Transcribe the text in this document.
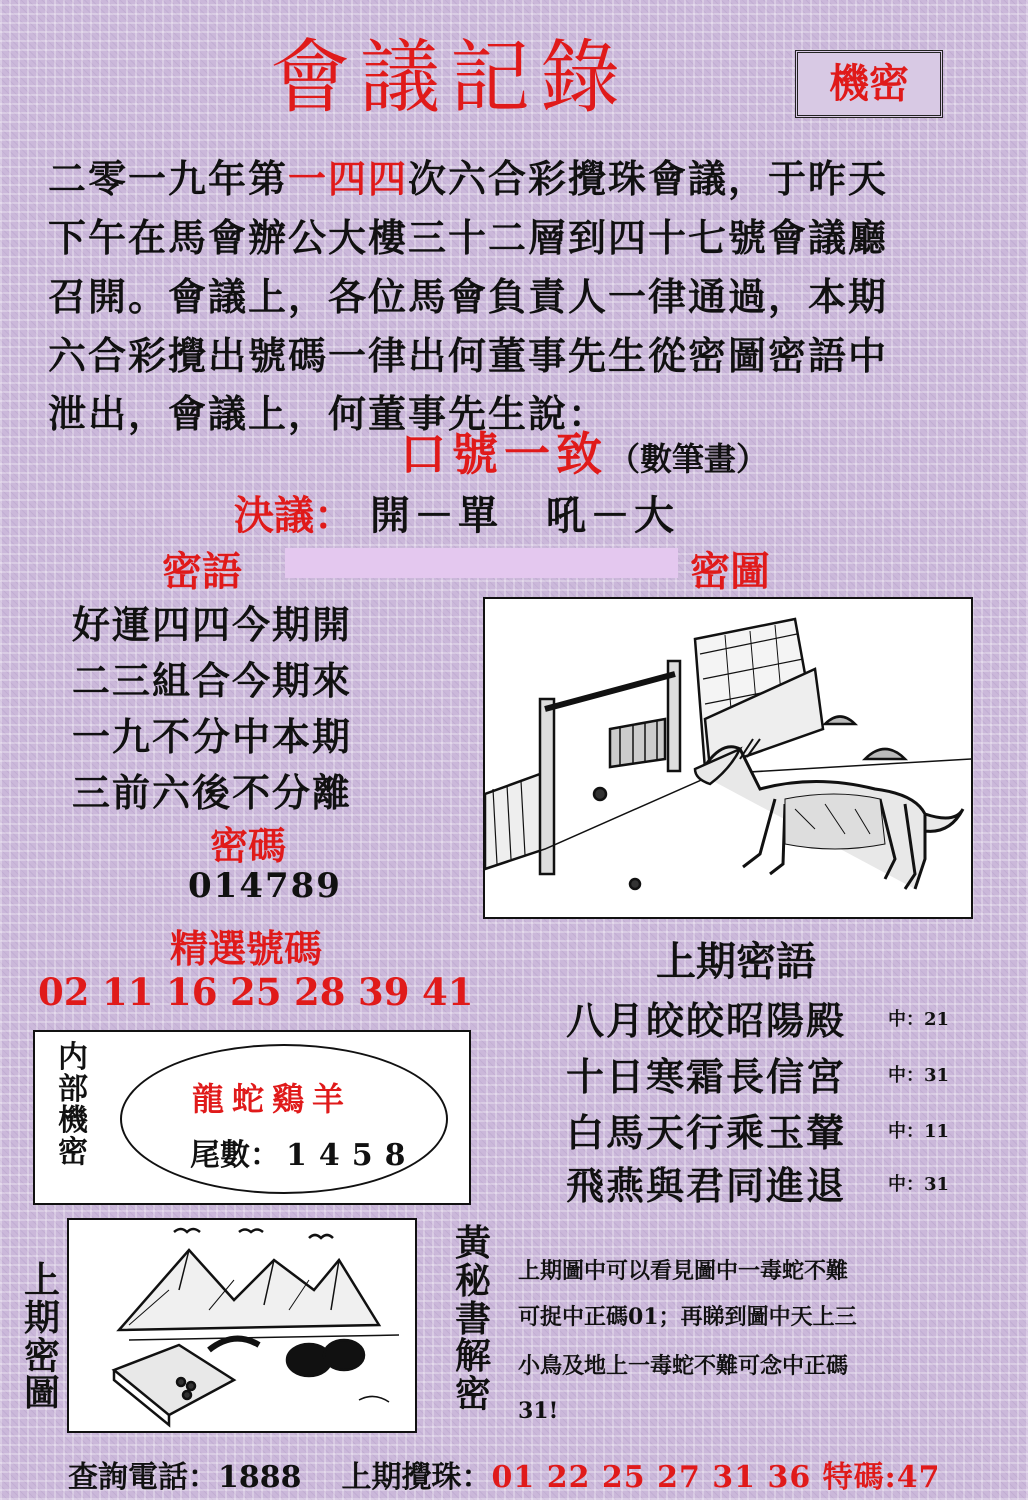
會議記錄	機密
二零一九年第一四四次六合彩攪珠會議，于昨天
下午在馬會辦公大樓三十二層到四十七號會議廳
召開。會議上，各位馬會負責人一律通過，本期
六合彩攪出號碼一律出何董事先生從密圖密語中
泄出，會議上，何董事先生說：
口號一致（數筆畫）
決議： 開－單　吼－大
密語	密圖
好運四四今期開
二三組合今期來
一九不分中本期
三前六後不分離
密碼
014789
精選號碼
02 11 16 25 28 39 41
上期密語
八月皎皎昭陽殿	中：21
十日寒霜長信宮	中：31
白馬天行乘玉輦	中：11
飛燕與君同進退	中：31
内部機密
龍蛇鷄羊
尾數： 1458
上期密圖
黃秘書解密
上期圖中可以看見圖中一毒蛇不難
可捉中正碼01；再睇到圖中天上三
小鳥及地上一毒蛇不難可念中正碼
31!
查詢電話：1888 上期攪珠：01 22 25 27 31 36 特碼:47
